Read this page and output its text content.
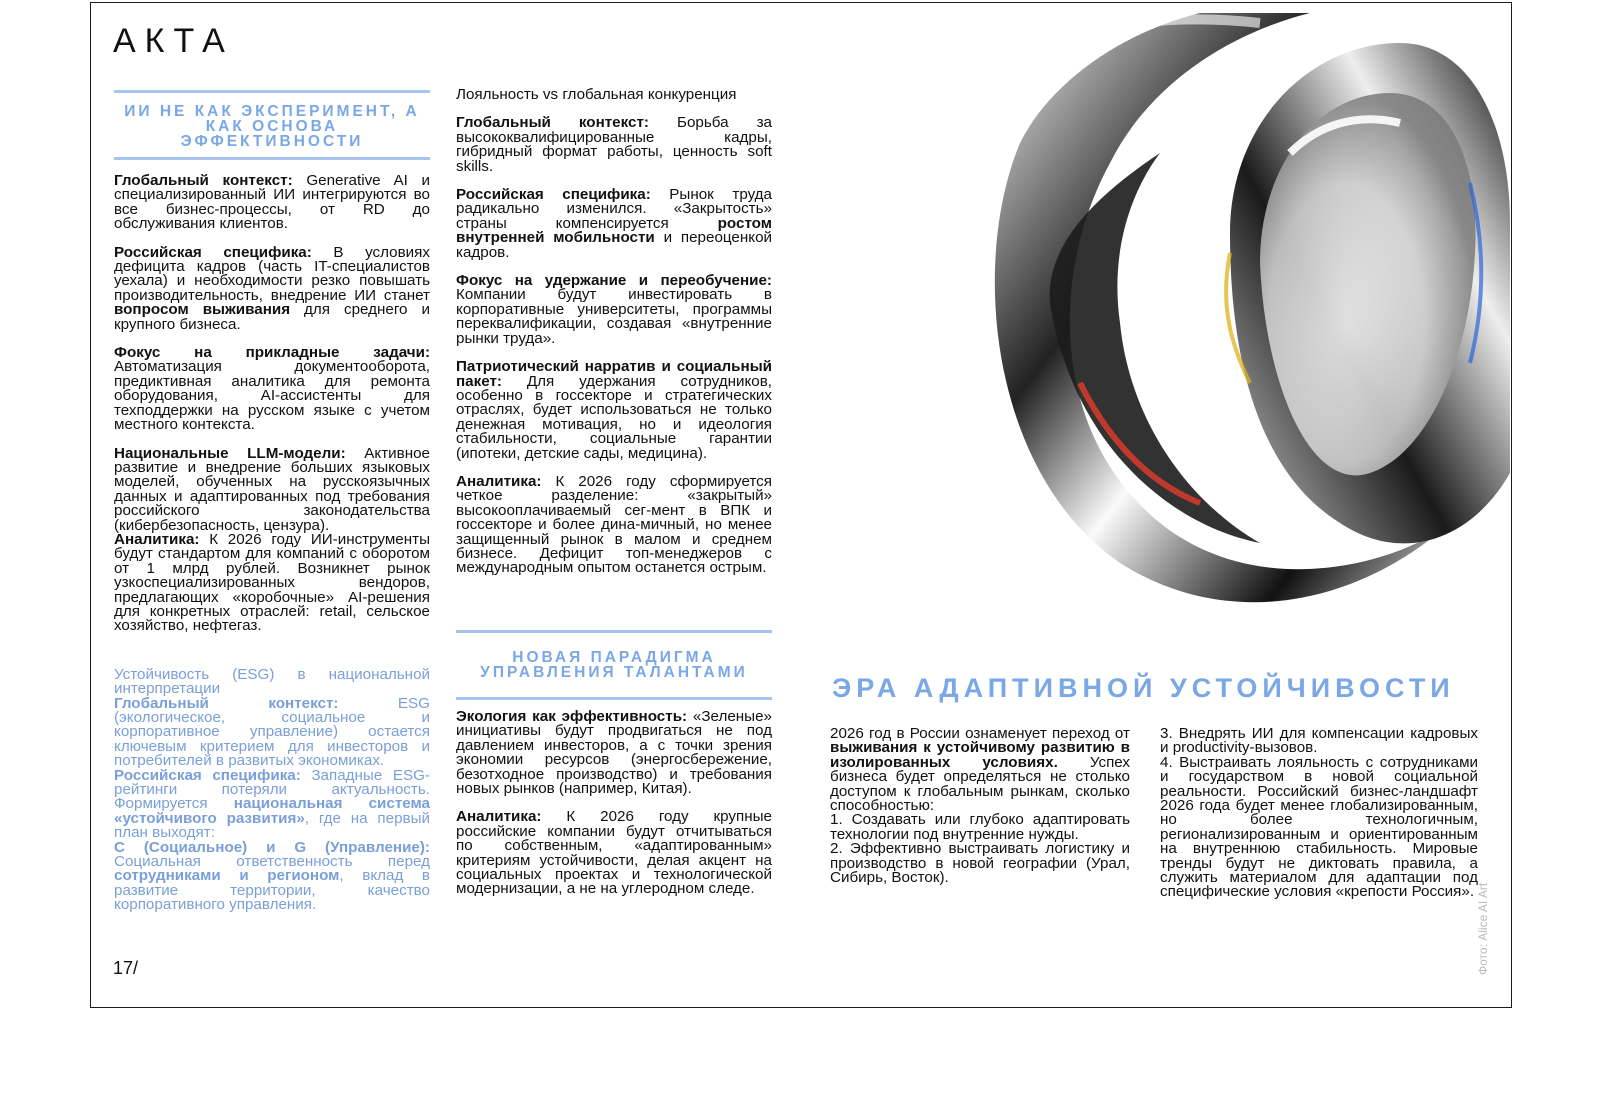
АКТА
ИИ НЕ КАК ЭКСПЕРИМЕНТ, А КАК ОСНОВА ЭФФЕКТИВНОСТИ

Глобальный контекст: Generative AI и специализированный ИИ интегрируются во все бизнес-процессы, от RD до обслуживания клиентов.

Российская специфика: В условиях дефицита кадров (часть IT-специалистов уехала) и необходимости резко повышать производительность, внедрение ИИ станет вопросом выживания для среднего и крупного бизнеса.

Фокус на прикладные задачи: Автоматизация документооборота, предиктивная аналитика для ремонта оборудования, AI-ассистенты для техподдержки на русском языке с учетом местного контекста.

Национальные LLM-модели: Активное развитие и внедрение больших языковых моделей, обученных на русскоязычных данных и адаптированных под требования российского законодательства (кибербезопасность, цензура).

Аналитика: К 2026 году ИИ-инструменты будут стандартом для компаний с оборотом от 1 млрд рублей. Возникнет рынок узкоспециализированных вендоров, предлагающих «коробочные» AI-решения для конкретных отраслей: retail, сельское хозяйство, нефтегаз.

Устойчивость (ESG) в национальной интерпретации
Глобальный контекст: ESG (экологическое, социальное и корпоративное управление) остается ключевым критерием для инвесторов и потребителей в развитых экономиках.
Российская специфика: Западные ESG-рейтинги потеряли актуальность. Формируется национальная система «устойчивого развития», где на первый план выходят:
С (Социальное) и G (Управление): Социальная ответственность перед сотрудниками и регионом, вклад в развитие территории, качество корпоративного управления.

Лояльность vs глобальная конкуренция

Глобальный контекст: Борьба за высококвалифицированные кадры, гибридный формат работы, ценность soft skills.

Российская специфика: Рынок труда радикально изменился. «Закрытость» страны компенсируется ростом внутренней мобильности и переоценкой кадров.

Фокус на удержание и переобучение: Компании будут инвестировать в корпоративные университеты, программы переквалификации, создавая «внутренние рынки труда».

Патриотический нарратив и социальный пакет: Для удержания сотрудников, особенно в госсекторе и стратегических отраслях, будет использоваться не только денежная мотивация, но и идеология стабильности, социальные гарантии (ипотеки, детские сады, медицина).

Аналитика: К 2026 году сформируется четкое разделение: «закрытый» высокооплачиваемый сег-мент в ВПК и госсекторе и более дина-мичный, но менее защищенный рынок в малом и среднем бизнесе. Дефицит топ-менеджеров с международным опытом останется острым.

НОВАЯ ПАРАДИГМА УПРАВЛЕНИЯ ТАЛАНТАМИ

Экология как эффективность: «Зеленые» инициативы будут продвигаться не под давлением инвесторов, а с точки зрения экономии ресурсов (энергосбережение, безотходное производство) и требования новых рынков (например, Китая).

Аналитика: К 2026 году крупные российские компании будут отчитываться по собственным, «адаптированным» критериям устойчивости, делая акцент на социальных проектах и технологической модернизации, а не на углеродном следе.

ЭРА АДАПТИВНОЙ УСТОЙЧИВОСТИ
2026 год в России ознаменует переход от выживания к устойчивому развитию в изолированных условиях. Успех бизнеса будет определяться не столько доступом к глобальным рынкам, сколько способностью:
1. Создавать или глубоко адаптировать технологии под внутренние нужды.
2. Эффективно выстраивать логистику и производство в новой географии (Урал, Сибирь, Восток).
3. Внедрять ИИ для компенсации кадровых и productivity-вызовов.
4. Выстраивать лояльность с сотрудниками и государством в новой социальной реальности. Российский бизнес-ландшафт 2026 года будет менее глобализированным, но более технологичным, регионализированным и ориентированным на внутреннюю стабильность. Мировые тренды будут не диктовать правила, а служить материалом для адаптации под специфические условия «крепости Россия».
17/	Фото: Alice AI Art
